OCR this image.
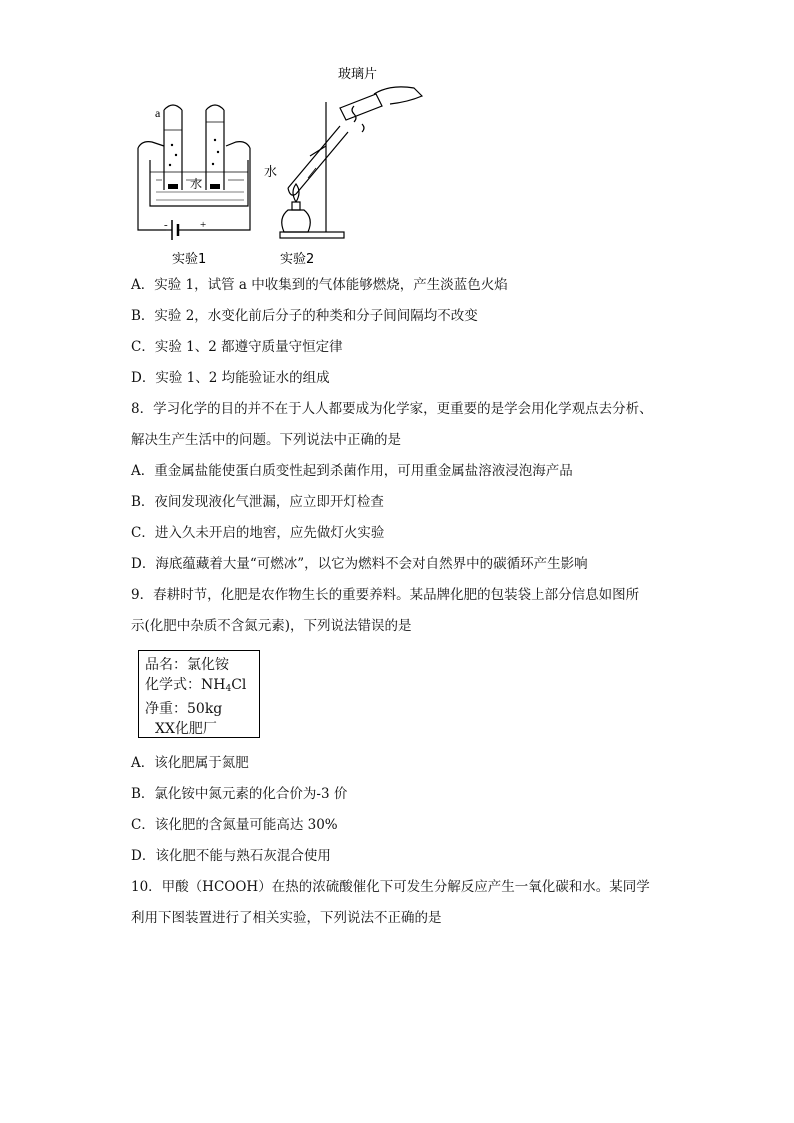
a
水
-	+
实验1
玻璃片
水
实验2
A．实验 1，试管 a 中收集到的气体能够燃烧，产生淡蓝色火焰
B．实验 2，水变化前后分子的种类和分子间间隔均不改变
C．实验 1、2 都遵守质量守恒定律
D．实验 1、2 均能验证水的组成
8．学习化学的目的并不在于人人都要成为化学家，更重要的是学会用化学观点去分析、
解决生产生活中的问题。下列说法中正确的是
A．重金属盐能使蛋白质变性起到杀菌作用，可用重金属盐溶液浸泡海产品
B．夜间发现液化气泄漏，应立即开灯检查
C．进入久未开启的地窖，应先做灯火实验
D．海底蕴藏着大量“可燃冰”，以它为燃料不会对自然界中的碳循环产生影响
9．春耕时节，化肥是农作物生长的重要养料。某品牌化肥的包装袋上部分信息如图所
示(化肥中杂质不含氮元素)，下列说法错误的是
品名：氯化铵
化学式：$NH_4Cl$
净重：50kg
XX化肥厂
A．该化肥属于氮肥
B．氯化铵中氮元素的化合价为-3 价
C．该化肥的含氮量可能高达 30%
D．该化肥不能与熟石灰混合使用
10．甲酸（HCOOH）在热的浓硫酸催化下可发生分解反应产生一氧化碳和水。某同学
利用下图装置进行了相关实验，下列说法不正确的是
